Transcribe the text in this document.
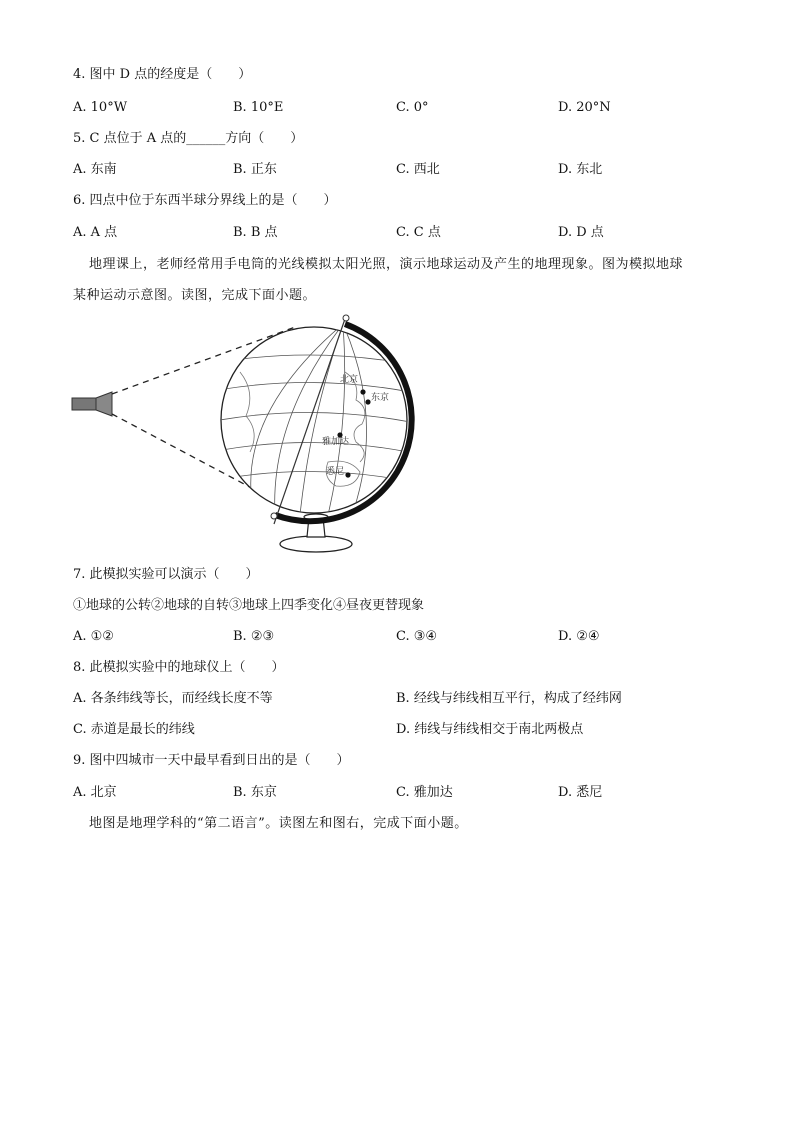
4. 图中 D 点的经度是（　　）
A. 10°W	B. 10°E	C. 0°	D. 20°N
5. C 点位于 A 点的______方向（　　）
A. 东南	B. 正东	C. 西北	D. 东北
6. 四点中位于东西半球分界线上的是（　　）
A. A 点	B. B 点	C. C 点	D. D 点
地理课上，老师经常用手电筒的光线模拟太阳光照，演示地球运动及产生的地理现象。图为模拟地球
某种运动示意图。读图，完成下面小题。
北京
东京
雅加达
悉尼
7. 此模拟实验可以演示（　　）
①地球的公转②地球的自转③地球上四季变化④昼夜更替现象
A. ①②	B. ②③	C. ③④	D. ②④
8. 此模拟实验中的地球仪上（　　）
A. 各条纬线等长，而经线长度不等	B. 经线与纬线相互平行，构成了经纬网
C. 赤道是最长的纬线	D. 纬线与纬线相交于南北两极点
9. 图中四城市一天中最早看到日出的是（　　）
A. 北京	B. 东京	C. 雅加达	D. 悉尼
地图是地理学科的“第二语言”。读图左和图右，完成下面小题。
